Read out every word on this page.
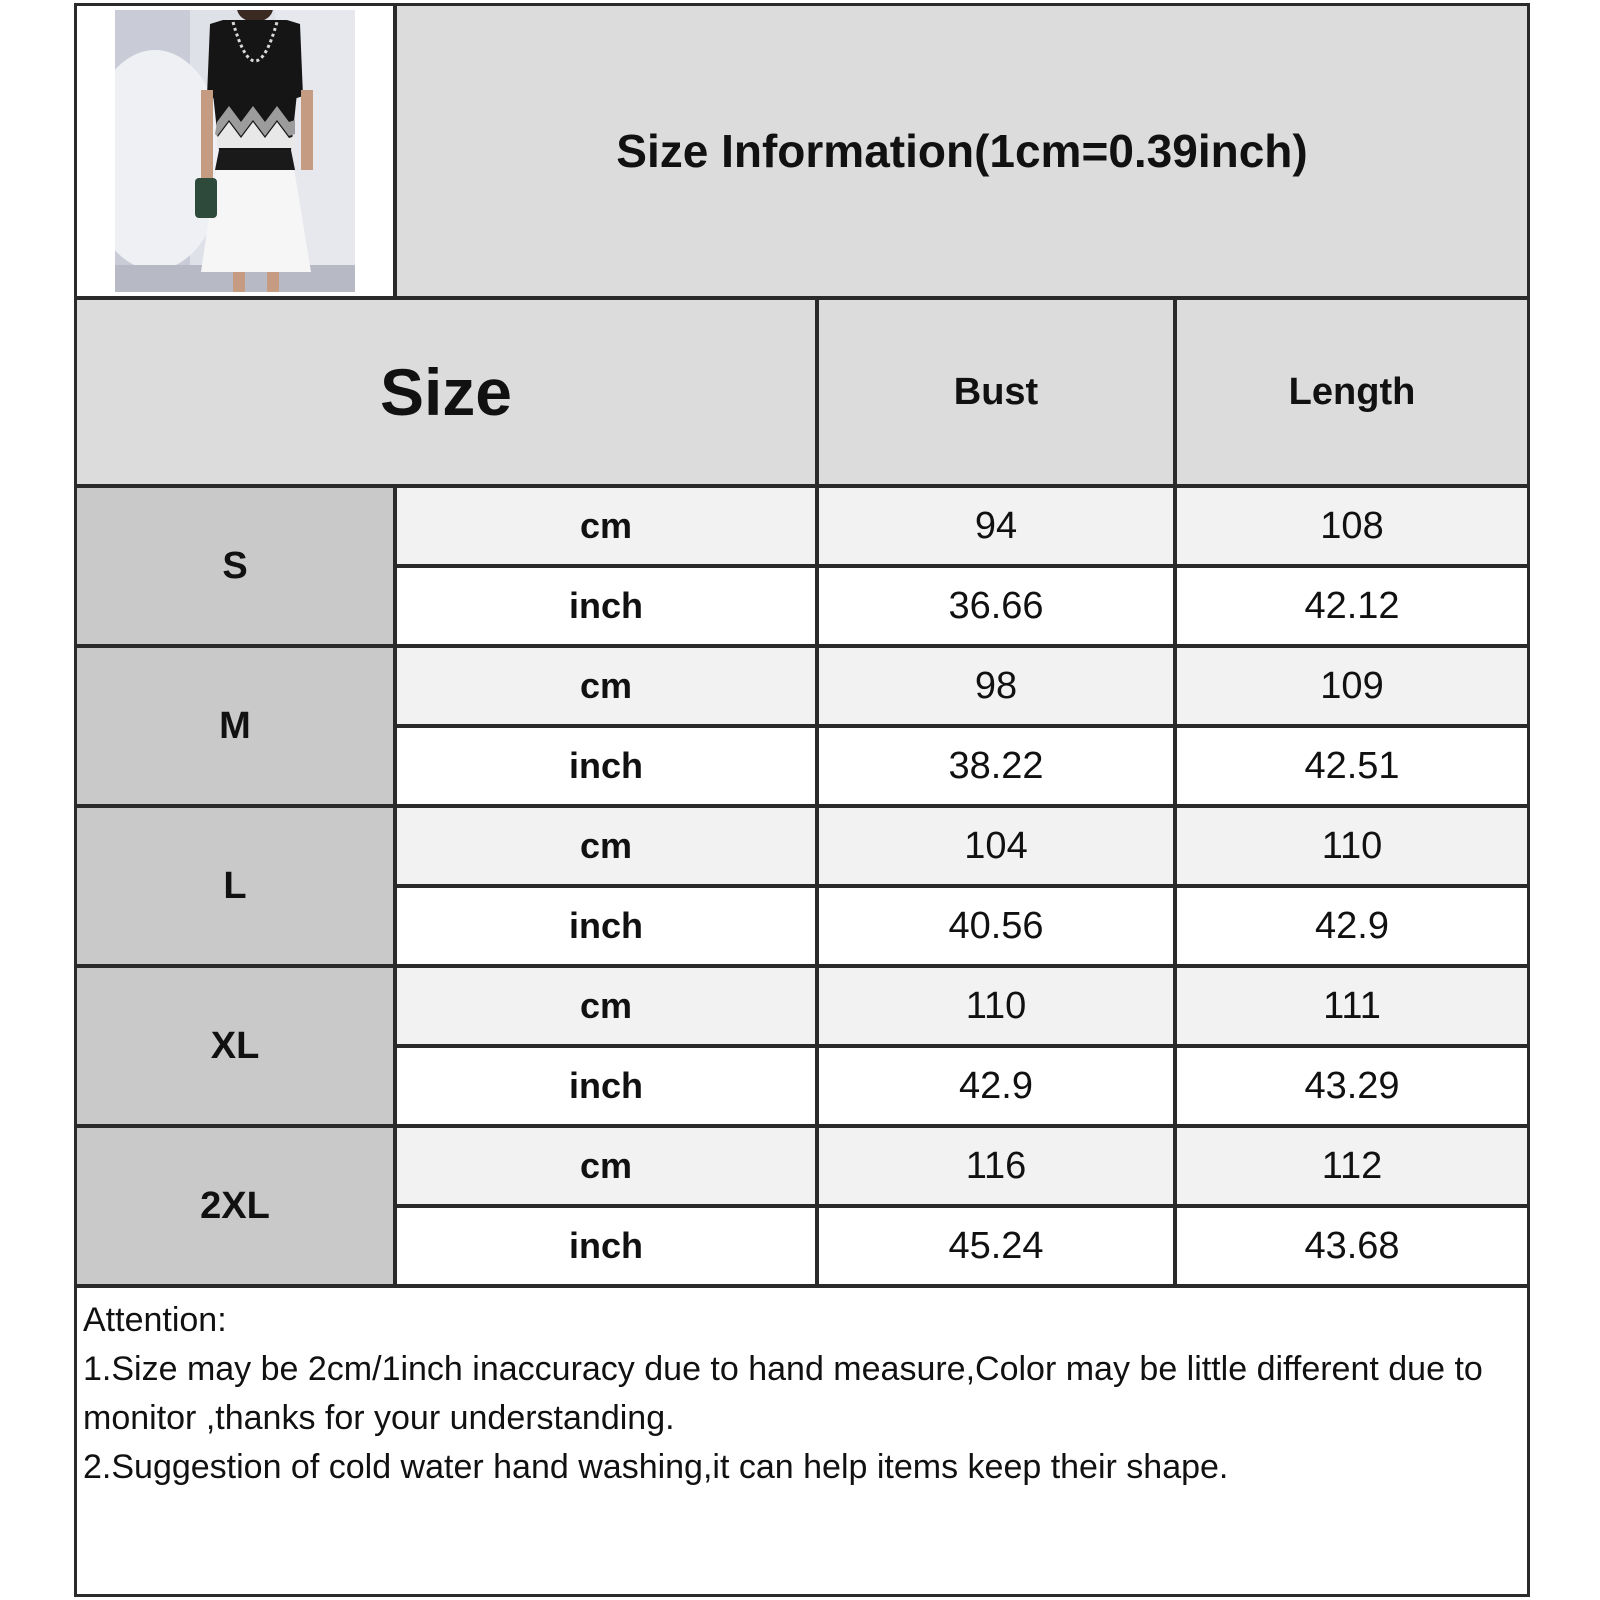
Size Information(1cm=0.39inch)
Size	Bust	Length
S
cm	94	108
inch	36.66	42.12
M
cm	98	109
inch	38.22	42.51
L
cm	104	110
inch	40.56	42.9
XL
cm	110	111
inch	42.9	43.29
2XL
cm	116	112
inch	45.24	43.68
Attention:
1.Size may be 2cm/1inch inaccuracy due to hand measure,Color may be little different due to monitor ,thanks for your understanding.
2.Suggestion of cold water hand washing,it can help items keep their shape.
